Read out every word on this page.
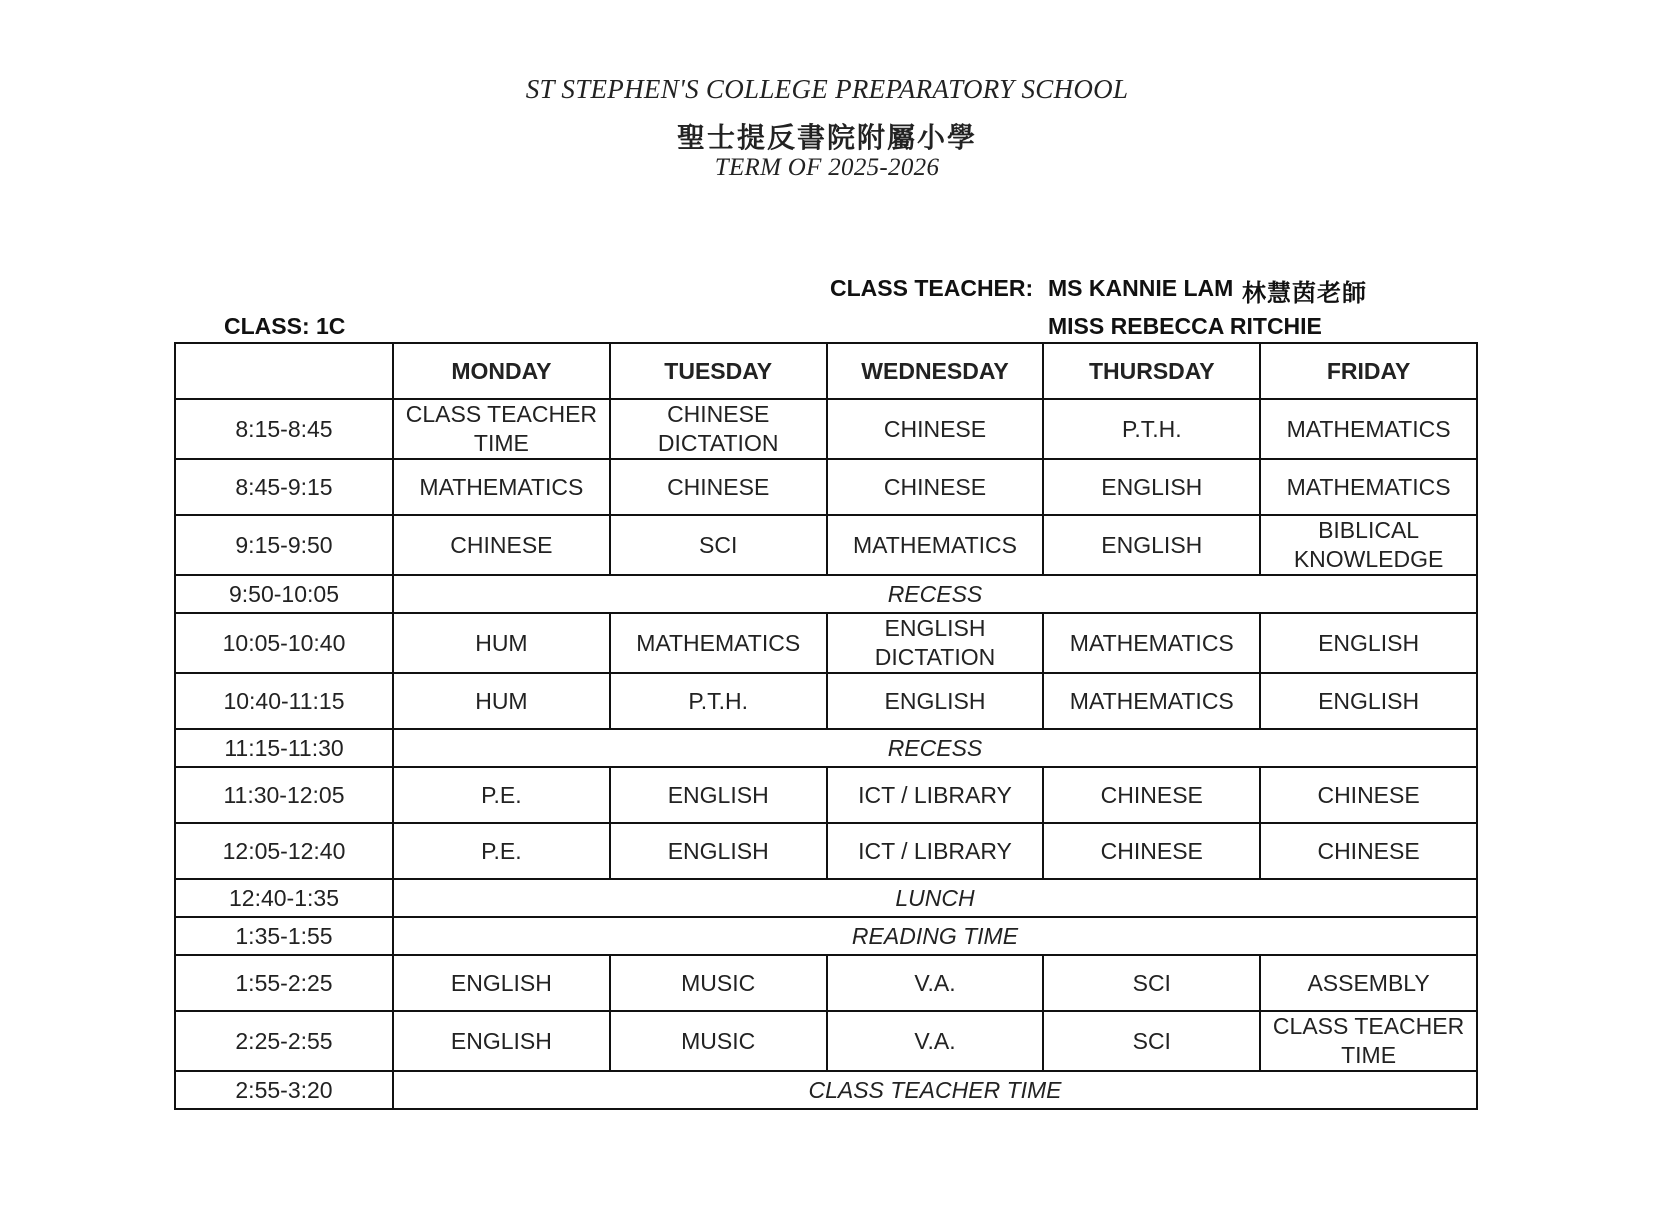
ST STEPHEN'S COLLEGE PREPARATORY SCHOOL
聖士提反書院附屬小學
TERM OF 2025-2026
CLASS TEACHER: MS KANNIE LAM 林慧茵老師
MISS REBECCA RITCHIE
CLASS: 1C
	MONDAY	TUESDAY	WEDNESDAY	THURSDAY	FRIDAY
8:15-8:45	CLASS TEACHER TIME	CHINESE DICTATION	CHINESE	P.T.H.	MATHEMATICS
8:45-9:15	MATHEMATICS	CHINESE	CHINESE	ENGLISH	MATHEMATICS
9:15-9:50	CHINESE	SCI	MATHEMATICS	ENGLISH	BIBLICAL KNOWLEDGE
9:50-10:05	RECESS				
10:05-10:40	HUM	MATHEMATICS	ENGLISH DICTATION	MATHEMATICS	ENGLISH
10:40-11:15	HUM	P.T.H.	ENGLISH	MATHEMATICS	ENGLISH
11:15-11:30	RECESS				
11:30-12:05	P.E.	ENGLISH	ICT / LIBRARY	CHINESE	CHINESE
12:05-12:40	P.E.	ENGLISH	ICT / LIBRARY	CHINESE	CHINESE
12:40-1:35	LUNCH				
1:35-1:55	READING TIME				
1:55-2:25	ENGLISH	MUSIC	V.A.	SCI	ASSEMBLY
2:25-2:55	ENGLISH	MUSIC	V.A.	SCI	CLASS TEACHER TIME
2:55-3:20	CLASS TEACHER TIME				
